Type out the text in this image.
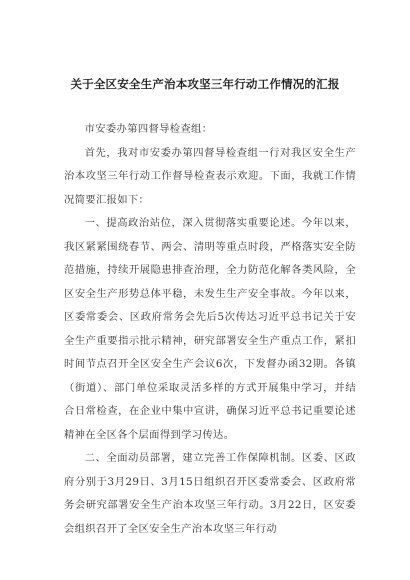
关于全区安全生产治本攻坚三年行动工作情况的汇报

市安委办第四督导检查组：

首先，我对市安委办第四督导检查组一行对我区安全生产治本攻坚三年行动工作督导检查表示欢迎。下面，我就工作情况简要汇报如下：

一、提高政治站位，深入贯彻落实重要论述。今年以来，我区紧紧围绕春节、两会、清明等重点时段，严格落实安全防范措施，持续开展隐患排查治理，全力防范化解各类风险，全区安全生产形势总体平稳，未发生生产安全事故。今年以来，区委常委会、区政府常务会先后5次传达习近平总书记关于安全生产重要指示批示精神，研究部署安全生产重点工作，紧扣时间节点召开全区安全生产会议6次，下发督办函32期。各镇（街道）、部门单位采取灵活多样的方式开展集中学习，并结合日常检查，在企业中集中宣讲，确保习近平总书记重要论述精神在全区各个层面得到学习传达。

二、全面动员部署，建立完善工作保障机制。区委、区政府分别于3月29日、3月15日组织召开区委常委会、区政府常务会研究部署安全生产治本攻坚三年行动。3月22日，区安委会组织召开了全区安全生产治本攻坚三年行动
